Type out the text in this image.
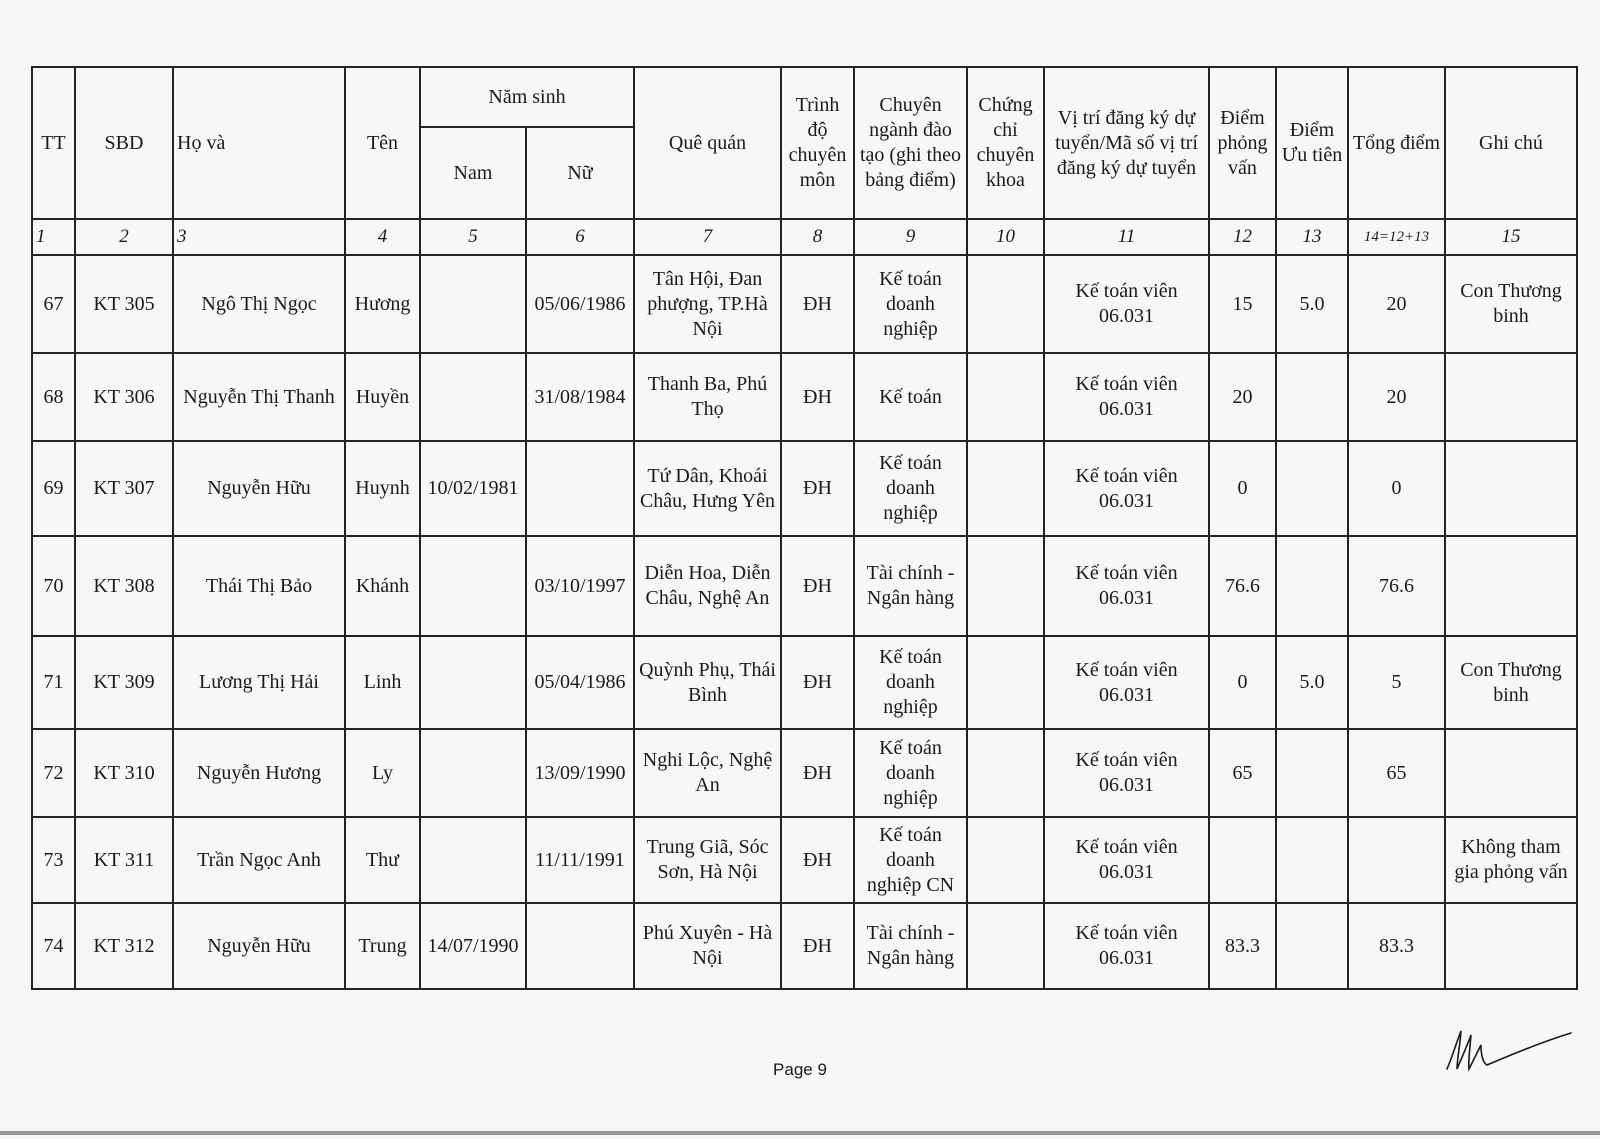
TT	SBD	Họ và	Tên	Năm sinh		Quê quán	Trình độ chuyên môn	Chuyên ngành đào tạo (ghi theo bảng điểm)	Chứng chỉ chuyên khoa	Vị trí đăng ký dự tuyển/Mã số vị trí đăng ký dự tuyển	Điểm phỏng vấn	Điểm Ưu tiên	Tổng điểm	Ghi chú
				Nam	Nữ									
1	2	3	4	5	6	7	8	9	10	11	12	13	14=12+13	15
67	KT 305	Ngô Thị Ngọc	Hương		05/06/1986	Tân Hội, Đan phượng, TP.Hà Nội	ĐH	Kế toán doanh nghiệp		Kế toán viên 06.031	15	5.0	20	Con Thương binh
68	KT 306	Nguyễn Thị Thanh	Huyền		31/08/1984	Thanh Ba, Phú Thọ	ĐH	Kế toán		Kế toán viên 06.031	20		20	
69	KT 307	Nguyễn Hữu	Huynh	10/02/1981		Tứ Dân, Khoái Châu, Hưng Yên	ĐH	Kế toán doanh nghiệp		Kế toán viên 06.031	0		0	
70	KT 308	Thái Thị Bảo	Khánh		03/10/1997	Diễn Hoa, Diễn Châu, Nghệ An	ĐH	Tài chính - Ngân hàng		Kế toán viên 06.031	76.6		76.6	
71	KT 309	Lương Thị Hải	Linh		05/04/1986	Quỳnh Phụ, Thái Bình	ĐH	Kế toán doanh nghiệp		Kế toán viên 06.031	0	5.0	5	Con Thương binh
72	KT 310	Nguyễn Hương	Ly		13/09/1990	Nghi Lộc, Nghệ An	ĐH	Kế toán doanh nghiệp		Kế toán viên 06.031	65		65	
73	KT 311	Trần Ngọc Anh	Thư		11/11/1991	Trung Giã, Sóc Sơn, Hà Nội	ĐH	Kế toán doanh nghiệp CN		Kế toán viên 06.031				Không tham gia phỏng vấn
74	KT 312	Nguyễn Hữu	Trung	14/07/1990		Phú Xuyên - Hà Nội	ĐH	Tài chính - Ngân hàng		Kế toán viên 06.031	83.3		83.3	
Page 9
